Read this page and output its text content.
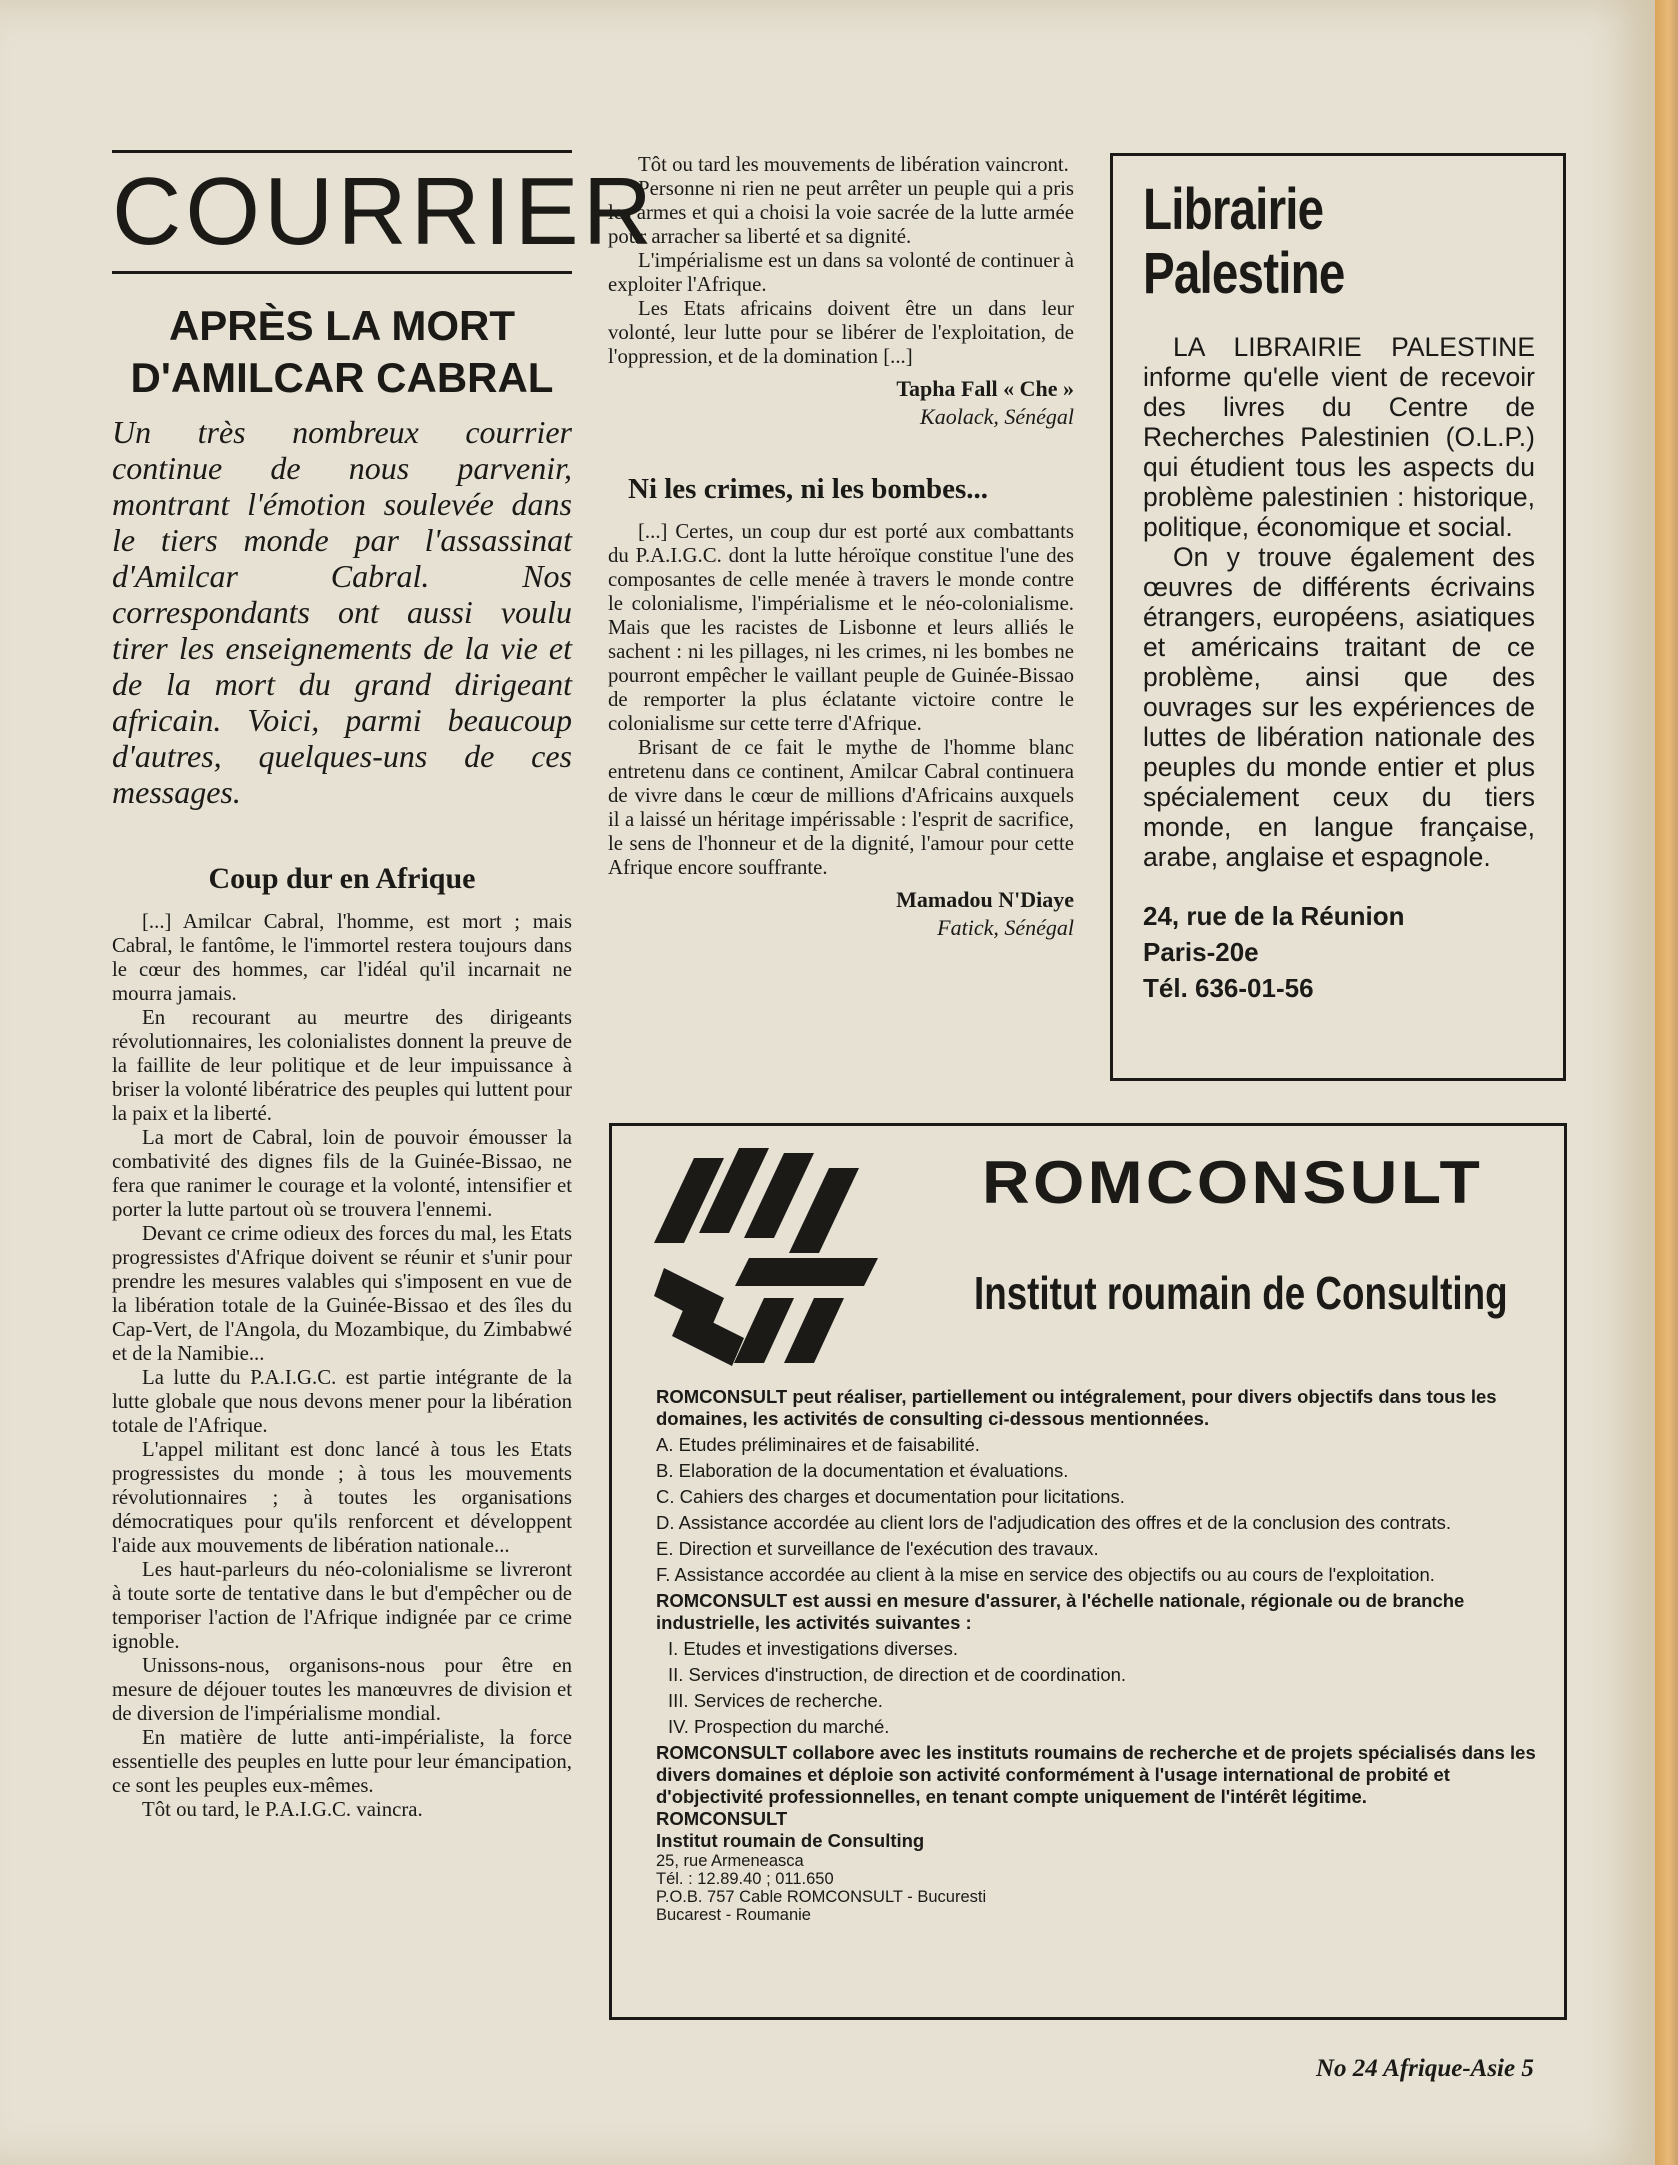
COURRIER
APRÈS LA MORT
D'AMILCAR CABRAL

Un très nombreux courrier continue de nous parvenir, montrant l'émotion soulevée dans le tiers monde par l'assassinat d'Amilcar Cabral. Nos correspondants ont aussi voulu tirer les enseignements de la vie et de la mort du grand dirigeant africain. Voici, parmi beaucoup d'autres, quelques-uns de ces messages.

Coup dur en Afrique

[...] Amilcar Cabral, l'homme, est mort ; mais Cabral, le fantôme, le l'immortel restera toujours dans le cœur des hommes, car l'idéal qu'il incarnait ne mourra jamais.

En recourant au meurtre des dirigeants révolutionnaires, les colonialistes donnent la preuve de la faillite de leur politique et de leur impuissance à briser la volonté libératrice des peuples qui luttent pour la paix et la liberté.

La mort de Cabral, loin de pouvoir émousser la combativité des dignes fils de la Guinée-Bissao, ne fera que ranimer le courage et la volonté, intensifier et porter la lutte partout où se trouvera l'ennemi.

Devant ce crime odieux des forces du mal, les Etats progressistes d'Afrique doivent se réunir et s'unir pour prendre les mesures valables qui s'imposent en vue de la libération totale de la Guinée-Bissao et des îles du Cap-Vert, de l'Angola, du Mozambique, du Zimbabwé et de la Namibie...

La lutte du P.A.I.G.C. est partie intégrante de la lutte globale que nous devons mener pour la libération totale de l'Afrique.

L'appel militant est donc lancé à tous les Etats progressistes du monde ; à tous les mouvements révolutionnaires ; à toutes les organisations démocratiques pour qu'ils renforcent et développent l'aide aux mouvements de libération nationale...

Les haut-parleurs du néo-colonialisme se livreront à toute sorte de tentative dans le but d'empêcher ou de temporiser l'action de l'Afrique indignée par ce crime ignoble.

Unissons-nous, organisons-nous pour être en mesure de déjouer toutes les manœuvres de division et de diversion de l'impérialisme mondial.

En matière de lutte anti-impérialiste, la force essentielle des peuples en lutte pour leur émancipation, ce sont les peuples eux-mêmes.

Tôt ou tard, le P.A.I.G.C. vaincra.

Tôt ou tard les mouvements de libération vaincront.

Personne ni rien ne peut arrêter un peuple qui a pris les armes et qui a choisi la voie sacrée de la lutte armée pour arracher sa liberté et sa dignité.

L'impérialisme est un dans sa volonté de continuer à exploiter l'Afrique.

Les Etats africains doivent être un dans leur volonté, leur lutte pour se libérer de l'exploitation, de l'oppression, et de la domination [...]

Tapha Fall « Che »
Kaolack, Sénégal
Ni les crimes, ni les bombes...

[...] Certes, un coup dur est porté aux combattants du P.A.I.G.C. dont la lutte héroïque constitue l'une des composantes de celle menée à travers le monde contre le colonialisme, l'impérialisme et le néo-colonialisme. Mais que les racistes de Lisbonne et leurs alliés le sachent : ni les pillages, ni les crimes, ni les bombes ne pourront empêcher le vaillant peuple de Guinée-Bissao de remporter la plus éclatante victoire contre le colonialisme sur cette terre d'Afrique.

Brisant de ce fait le mythe de l'homme blanc entretenu dans ce continent, Amilcar Cabral continuera de vivre dans le cœur de millions d'Africains auxquels il a laissé un héritage impérissable : l'esprit de sacrifice, le sens de l'honneur et de la dignité, l'amour pour cette Afrique encore souffrante.

Mamadou N'Diaye
Fatick, Sénégal
Librairie
Palestine

LA LIBRAIRIE PALESTINE informe qu'elle vient de recevoir des livres du Centre de Recherches Palestinien (O.L.P.) qui étudient tous les aspects du problème palestinien : historique, politique, économique et social.

On y trouve également des œuvres de différents écrivains étrangers, européens, asiatiques et américains traitant de ce problème, ainsi que des ouvrages sur les expériences de luttes de libération nationale des peuples du monde entier et plus spécialement ceux du tiers monde, en langue française, arabe, anglaise et espagnole.

24, rue de la Réunion
Paris-20e
Tél. 636-01-56
ROMCONSULT
Institut roumain de Consulting
ROMCONSULT peut réaliser, partiellement ou intégralement, pour divers objectifs dans tous les domaines, les activités de consulting ci-dessous mentionnées.
A. Etudes préliminaires et de faisabilité.
B. Elaboration de la documentation et évaluations.
C. Cahiers des charges et documentation pour licitations.
D. Assistance accordée au client lors de l'adjudication des offres et de la conclusion des contrats.
E. Direction et surveillance de l'exécution des travaux.
F. Assistance accordée au client à la mise en service des objectifs ou au cours de l'exploitation.
ROMCONSULT est aussi en mesure d'assurer, à l'échelle nationale, régionale ou de branche industrielle, les activités suivantes :
I. Etudes et investigations diverses.
II. Services d'instruction, de direction et de coordination.
III. Services de recherche.
IV. Prospection du marché.
ROMCONSULT collabore avec les instituts roumains de recherche et de projets spécialisés dans les divers domaines et déploie son activité conformément à l'usage international de probité et d'objectivité professionnelles, en tenant compte uniquement de l'intérêt légitime.
ROMCONSULT
Institut roumain de Consulting
25, rue Armeneasca
Tél. : 12.89.40 ; 011.650
P.O.B. 757 Cable ROMCONSULT - Bucuresti
Bucarest - Roumanie
No 24 Afrique-Asie 5
